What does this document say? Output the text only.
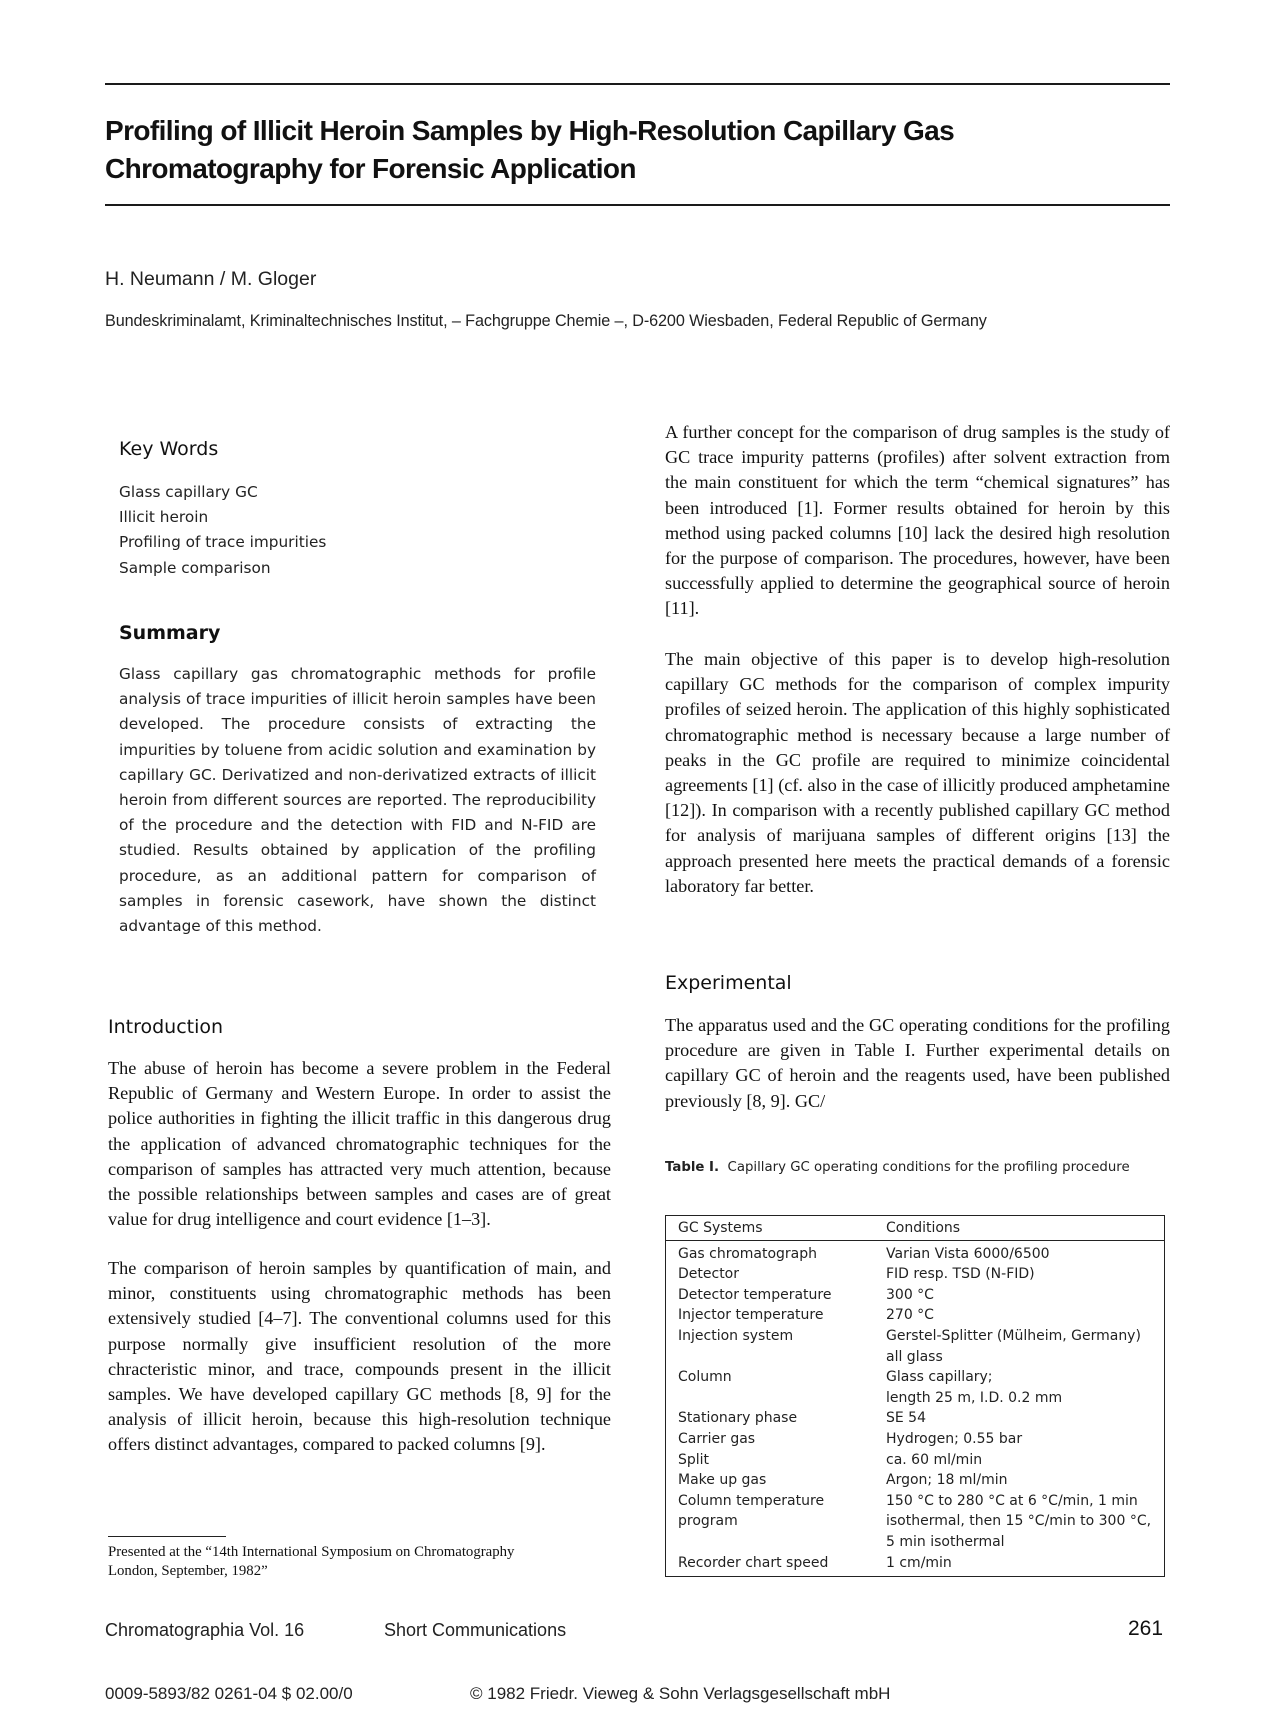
Profiling of Illicit Heroin Samples by High-Resolution Capillary Gas
Chromatography for Forensic Application
H. Neumann / M. Gloger
Bundeskriminalamt, Kriminaltechnisches Institut, – Fachgruppe Chemie –, D-6200 Wiesbaden, Federal Republic of Germany
Key Words
Glass capillary GC
Illicit heroin
Profiling of trace impurities
Sample comparison
Summary
Glass capillary gas chromatographic methods for profile analysis of trace impurities of illicit heroin samples have been developed. The procedure consists of extracting the impurities by toluene from acidic solution and examination by capillary GC. Derivatized and non-derivatized extracts of illicit heroin from different sources are reported. The reproducibility of the procedure and the detection with FID and N-FID are studied. Results obtained by application of the profiling procedure, as an additional pattern for comparison of samples in forensic casework, have shown the distinct advantage of this method.
Introduction
The abuse of heroin has become a severe problem in the Federal Republic of Germany and Western Europe. In order to assist the police authorities in fighting the illicit traffic in this dangerous drug the application of advanced chromatographic techniques for the comparison of samples has attracted very much attention, because the possible relationships between samples and cases are of great value for drug intelligence and court evidence [1–3].
The comparison of heroin samples by quantification of main, and minor, constituents using chromatographic methods has been extensively studied [4–7]. The conventional columns used for this purpose normally give insufficient resolution of the more chracteristic minor, and trace, compounds present in the illicit samples. We have developed capillary GC methods [8, 9] for the analysis of illicit heroin, because this high-resolution technique offers distinct advantages, compared to packed columns [9].
Presented at the “14th International Symposium on Chromatography
London, September, 1982”
A further concept for the comparison of drug samples is the study of GC trace impurity patterns (profiles) after solvent extraction from the main constituent for which the term “chemical signatures” has been introduced [1]. Former results obtained for heroin by this method using packed columns [10] lack the desired high resolution for the purpose of comparison. The procedures, however, have been successfully applied to determine the geographical source of heroin [11].
The main objective of this paper is to develop high-resolution capillary GC methods for the comparison of complex impurity profiles of seized heroin. The application of this highly sophisticated chromatographic method is necessary because a large number of peaks in the GC profile are required to minimize coincidental agreements [1] (cf. also in the case of illicitly produced amphetamine [12]). In comparison with a recently published capillary GC method for analysis of marijuana samples of different origins [13] the approach presented here meets the practical demands of a forensic laboratory far better.
Experimental
The apparatus used and the GC operating conditions for the profiling procedure are given in Table I. Further experimental details on capillary GC of heroin and the reagents used, have been published previously [8, 9]. GC/
Table I. Capillary GC operating conditions for the profiling procedure
GC Systems	Conditions
Gas chromatograph	Varian Vista 6000/6500
Detector	FID resp. TSD (N-FID)
Detector temperature	300 °C
Injector temperature	270 °C
Injection system	Gerstel-Splitter (Mülheim, Germany)
	all glass
Column	Glass capillary;
	length 25 m, I.D. 0.2 mm
Stationary phase	SE 54
Carrier gas	Hydrogen; 0.55 bar
Split	ca. 60 ml/min
Make up gas	Argon; 18 ml/min
Column temperature	150 °C to 280 °C at 6 °C/min, 1 min
program	isothermal, then 15 °C/min to 300 °C,
	5 min isothermal
Recorder chart speed	1 cm/min
Chromatographia Vol. 16	Short Communications	261
0009-5893/82 0261-04 $ 02.00/0	© 1982 Friedr. Vieweg & Sohn Verlagsgesellschaft mbH
